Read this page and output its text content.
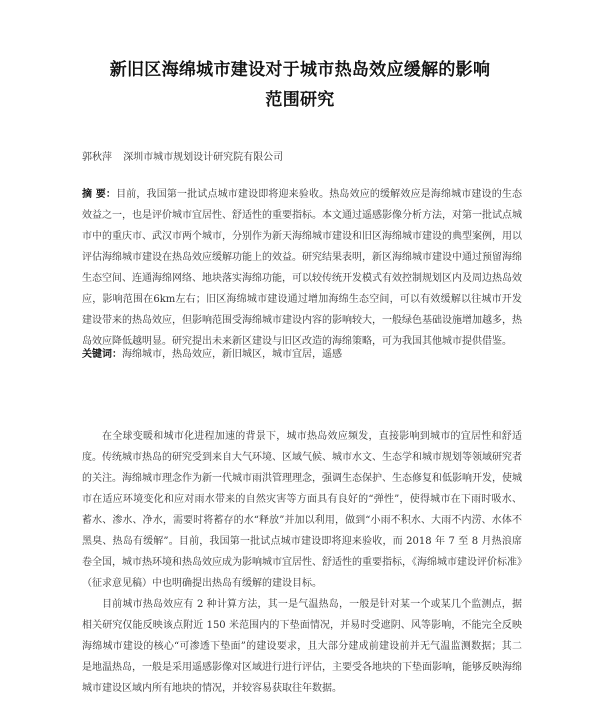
新旧区海绵城市建设对于城市热岛效应缓解的影响
范围研究
郭秋萍 深圳市城市规划设计研究院有限公司
摘 要：目前，我国第一批试点城市建设即将迎来验收。热岛效应的缓解效应是海绵城市建设的生态效益之一，也是评价城市宜居性、舒适性的重要指标。本文通过遥感影像分析方法，对第一批试点城市中的重庆市、武汉市两个城市，分别作为新天海绵城市建设和旧区海绵城市建设的典型案例，用以评估海绵城市建设在热岛效应缓解功能上的效益。研究结果表明，新区海绵城市建设中通过预留海绵生态空间、连通海绵网络、地块落实海绵功能，可以较传统开发模式有效控制规划区内及周边热岛效应，影响范围在6km左右；旧区海绵城市建设通过增加海绵生态空间，可以有效缓解以往城市开发建设带来的热岛效应，但影响范围受海绵城市建设内容的影响较大，一般绿色基础设施增加越多，热岛效应降低越明显。研究提出未来新区建设与旧区改造的海绵策略，可为我国其他城市提供借鉴。
关键词：海绵城市，热岛效应，新旧城区，城市宜居，遥感

在全球变暖和城市化进程加速的背景下，城市热岛效应频发，直接影响到城市的宜居性和舒适度。传统城市热岛的研究受到来自大气环境、区域气候、城市水文、生态学和城市规划等领域研究者的关注。海绵城市理念作为新一代城市雨洪管理理念，强调生态保护、生态修复和低影响开发，使城市在适应环境变化和应对雨水带来的自然灾害等方面具有良好的“弹性”，使得城市在下雨时吸水、蓄水、渗水、净水，需要时将蓄存的水“释放”并加以利用，做到“小雨不积水、大雨不内涝、水体不黑臭、热岛有缓解”。目前，我国第一批试点城市建设即将迎来验收，而 2018 年 7 至 8 月热浪席卷全国，城市热环境和热岛效应成为影响城市宜居性、舒适性的重要指标，《海绵城市建设评价标准》（征求意见稿）中也明确提出热岛有缓解的建设目标。

目前城市热岛效应有 2 种计算方法，其一是气温热岛，一般是针对某一个或某几个监测点，据相关研究仅能反映该点附近 150 米范围内的下垫面情况，并易时受遮阴、风等影响，不能完全反映海绵城市建设的核心“可渗透下垫面”的建设要求，且大部分建成前建设前并无气温监测数据；其二是地温热岛，一般是采用遥感影像对区域进行进行评估，主要受各地块的下垫面影响，能够反映海绵城市建设区域内所有地块的情况，并较容易获取往年数据。
